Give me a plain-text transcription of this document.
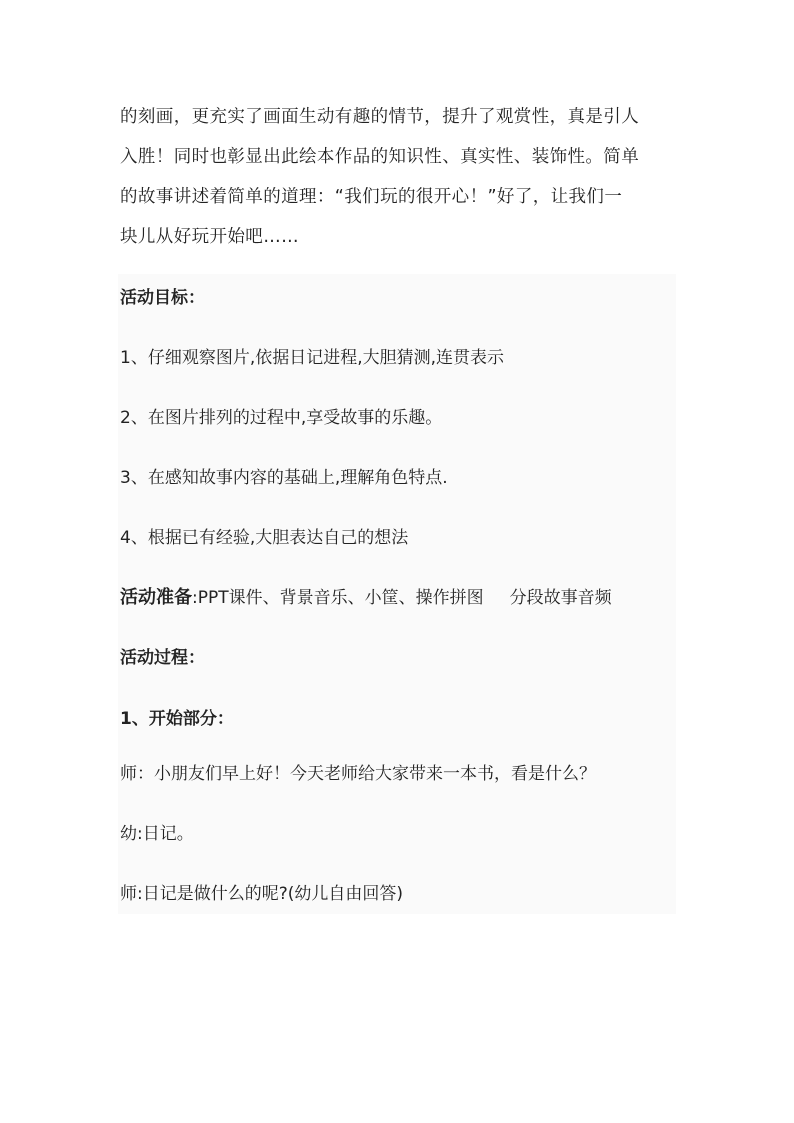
的刻画，更充实了画面生动有趣的情节，提升了观赏性，真是引人
入胜！同时也彰显出此绘本作品的知识性、真实性、装饰性。简单
的故事讲述着简单的道理：“我们玩的很开心！”好了，让我们一
块儿从好玩开始吧……

活动目标：

1、仔细观察图片,依据日记进程,大胆猜测,连贯表示

2、在图片排列的过程中,享受故事的乐趣。

3、在感知故事内容的基础上,理解角色特点.

4、根据已有经验,大胆表达自己的想法

活动准备:PPT课件、背景音乐、小筐、操作拼图 分段故事音频

活动过程：

1、开始部分：

师：小朋友们早上好！今天老师给大家带来一本书，看是什么？

幼:日记。

师:日记是做什么的呢?(幼儿自由回答)
